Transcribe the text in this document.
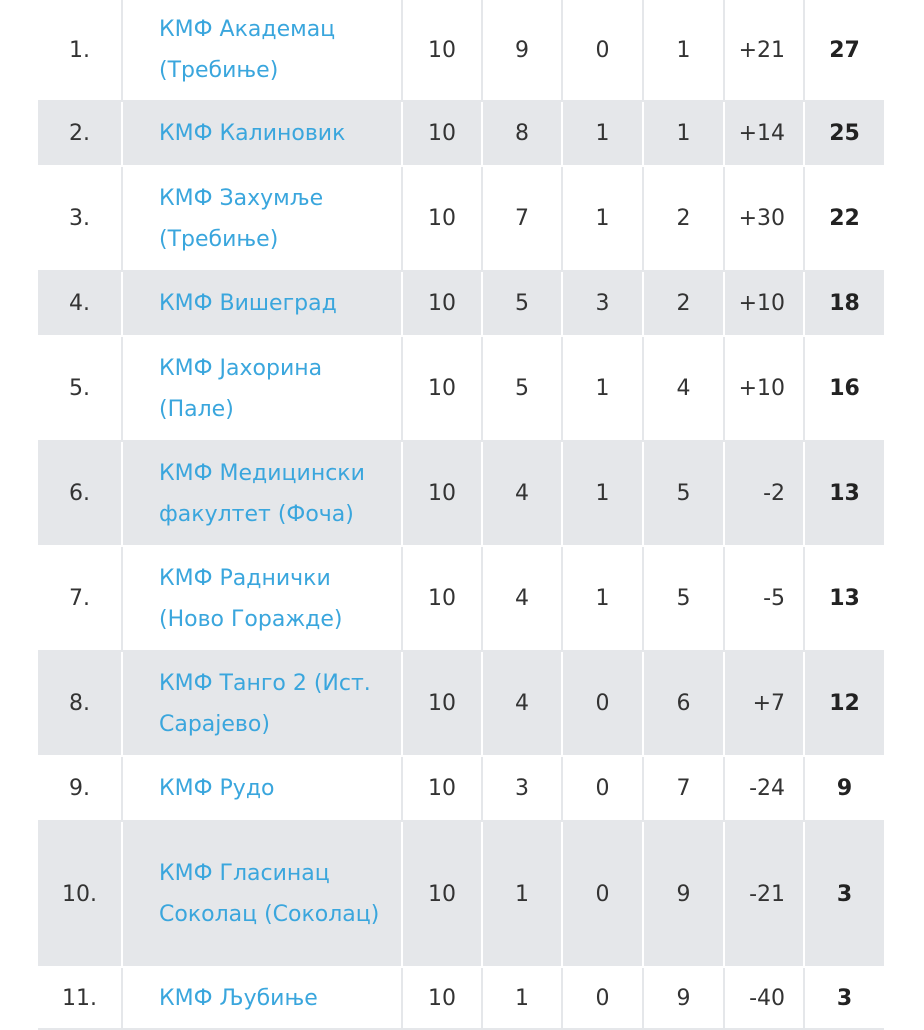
1.	КМФ Академац (Требиње)	10	9	0	1	+21	27
2.	КМФ Калиновик	10	8	1	1	+14	25
3.	КМФ Захумље (Требиње)	10	7	1	2	+30	22
4.	КМФ Вишеград	10	5	3	2	+10	18
5.	КМФ Јахорина (Пале)	10	5	1	4	+10	16
6.	КМФ Медицински факултет (Фоча)	10	4	1	5	-2	13
7.	КМФ Раднички (Ново Горажде)	10	4	1	5	-5	13
8.	КМФ Танго 2 (Ист. Сарајево)	10	4	0	6	+7	12
9.	КМФ Рудо	10	3	0	7	-24	9
10.	КМФ Гласинац Соколац (Соколац)	10	1	0	9	-21	3
11.	КМФ Љубиње	10	1	0	9	-40	3
